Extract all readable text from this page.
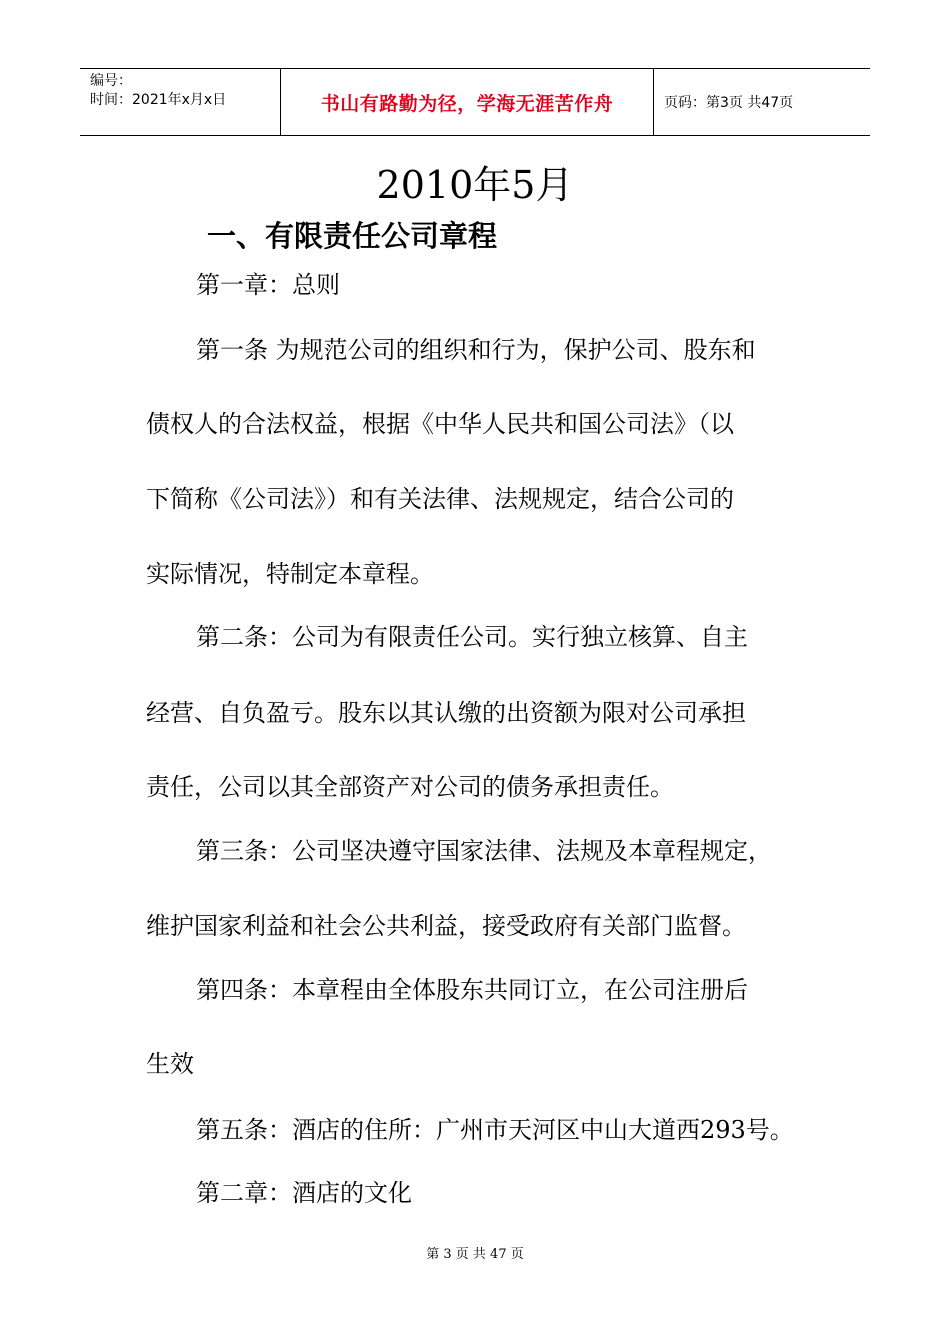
编号：
时间：2021年x月x日	书山有路勤为径，学海无涯苦作舟	页码：第3页 共47页
2010年5月
一、有限责任公司章程
第一章：总则
第一条 为规范公司的组织和行为，保护公司、股东和
债权人的合法权益，根据《中华人民共和国公司法》（以
下简称《公司法》）和有关法律、法规规定，结合公司的
实际情况，特制定本章程。
第二条：公司为有限责任公司。实行独立核算、自主
经营、自负盈亏。股东以其认缴的出资额为限对公司承担
责任，公司以其全部资产对公司的债务承担责任。
第三条：公司坚决遵守国家法律、法规及本章程规定，
维护国家利益和社会公共利益，接受政府有关部门监督。
第四条：本章程由全体股东共同订立，在公司注册后
生效
第五条：酒店的住所：广州市天河区中山大道西293号。
第二章：酒店的文化
第 3 页 共 47 页
